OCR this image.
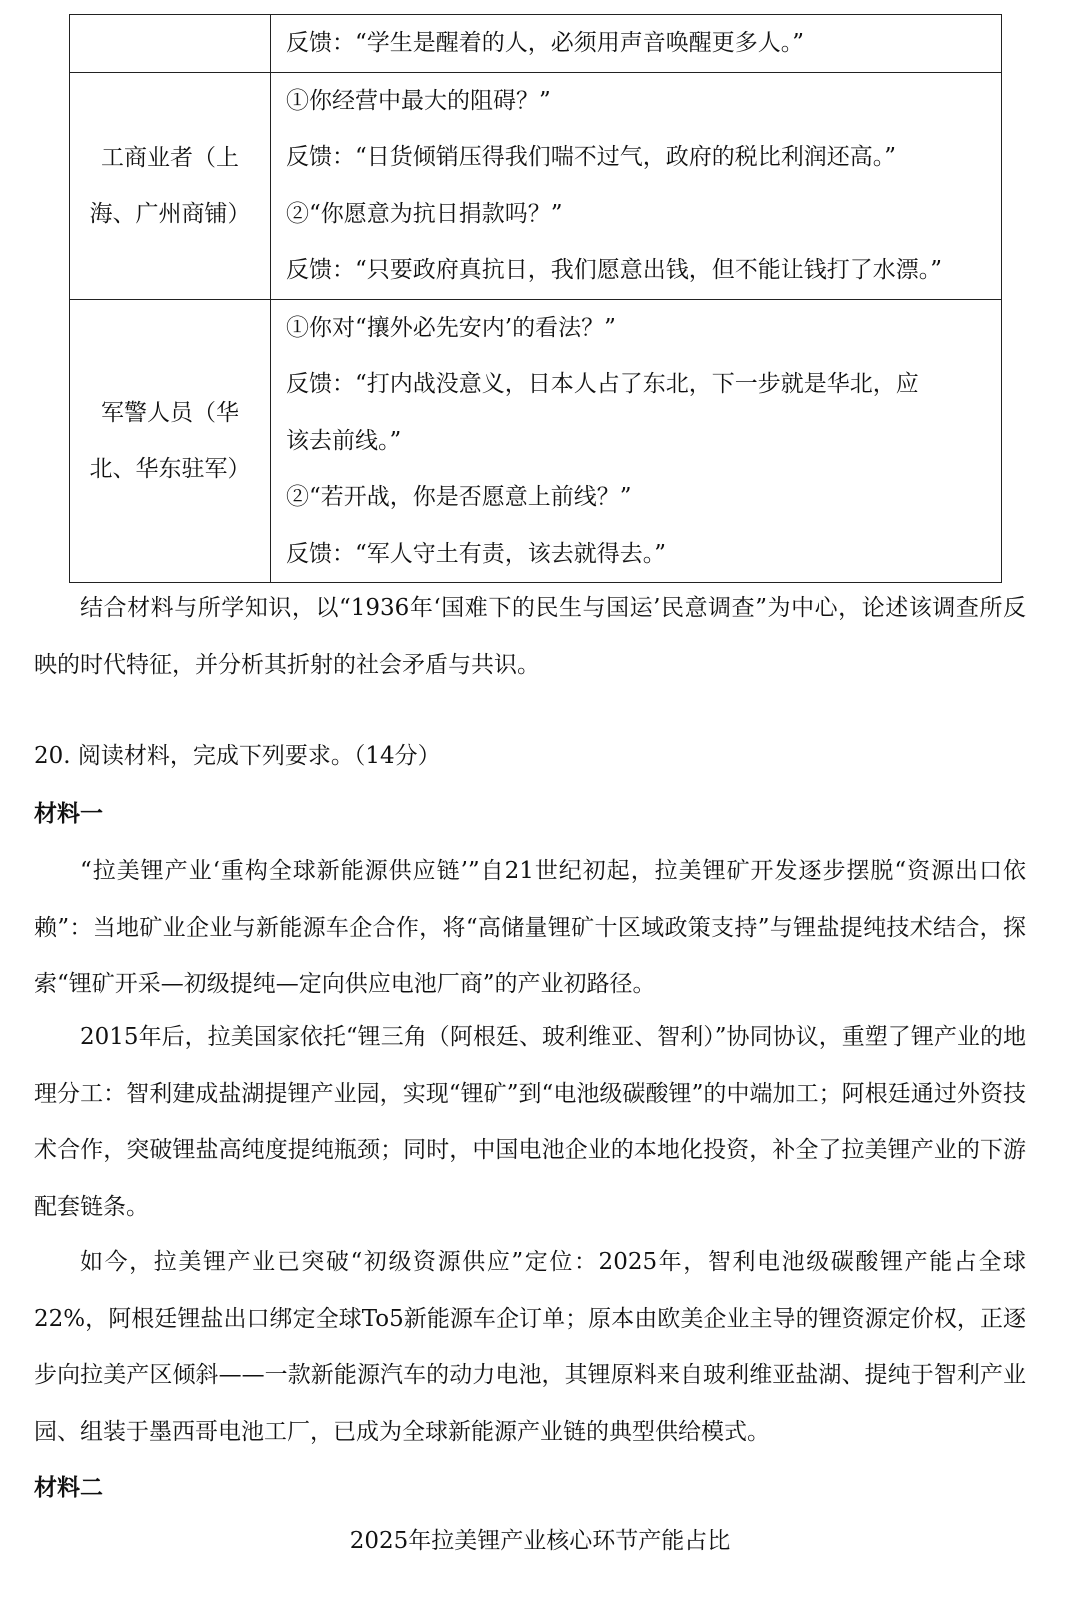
	反馈：“学生是醒着的人，必须用声音唤醒更多人。”

工商业者（上
海、广州商铺）	①你经营中最大的阻碍？”
反馈：“日货倾销压得我们喘不过气，政府的税比利润还高。”
②“你愿意为抗日捐款吗？”
反馈：“只要政府真抗日，我们愿意出钱，但不能让钱打了水漂。”

军警人员（华
北、华东驻军）	①你对“攘外必先安内’的看法？”
反馈：“打内战没意义，日本人占了东北，下一步就是华北，应
该去前线。”
②“若开战，你是否愿意上前线？”
反馈：“军人守土有责，该去就得去。”

结合材料与所学知识，以“1936年‘国难下的民生与国运’民意调查”为中心，论述该调查所反映的时代特征，并分析其折射的社会矛盾与共识。

20. 阅读材料，完成下列要求。（14分）

材料一

“拉美锂产业‘重构全球新能源供应链’”自21世纪初起，拉美锂矿开发逐步摆脱“资源出口依赖”：当地矿业企业与新能源车企合作，将“高储量锂矿十区域政策支持”与锂盐提纯技术结合，探索“锂矿开采—初级提纯—定向供应电池厂商”的产业初路径。

2015年后，拉美国家依托“锂三角（阿根廷、玻利维亚、智利）”协同协议，重塑了锂产业的地理分工：智利建成盐湖提锂产业园，实现“锂矿”到“电池级碳酸锂”的中端加工；阿根廷通过外资技术合作，突破锂盐高纯度提纯瓶颈；同时，中国电池企业的本地化投资，补全了拉美锂产业的下游配套链条。

如今，拉美锂产业已突破“初级资源供应”定位：2025年，智利电池级碳酸锂产能占全球22%，阿根廷锂盐出口绑定全球To5新能源车企订单；原本由欧美企业主导的锂资源定价权，正逐步向拉美产区倾斜——一款新能源汽车的动力电池，其锂原料来自玻利维亚盐湖、提纯于智利产业园、组装于墨西哥电池工厂，已成为全球新能源产业链的典型供给模式。

材料二

2025年拉美锂产业核心环节产能占比
